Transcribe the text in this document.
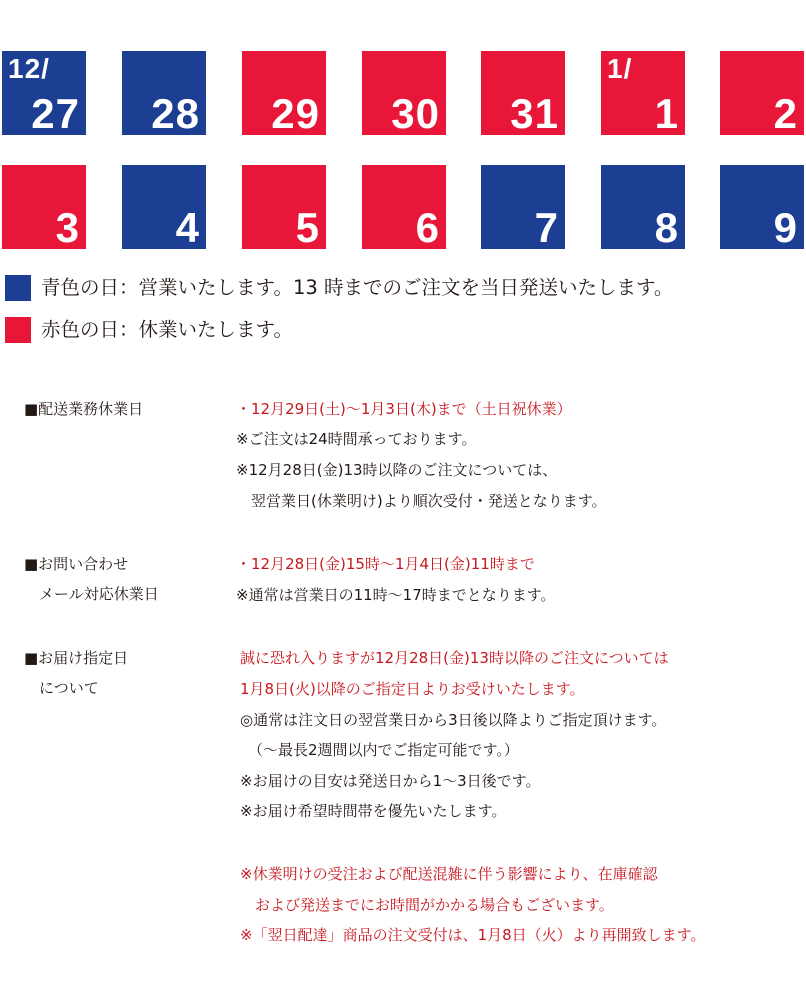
12/
27 28 29 30 31
1/
1 2
3 4 5 6 7 8 9
青色の日：営業いたします。13 時までのご注文を当日発送いたします。
赤色の日：休業いたします。
■配送業務休業日	・12月29日(土)～1月3日(木)まで（土日祝休業）
※ご注文は24時間承っております。
※12月28日(金)13時以降のご注文については、
　翌営業日(休業明け)より順次受付・発送となります。
■お問い合わせ
　メール対応休業日
・12月28日(金)15時～1月4日(金)11時まで
※通常は営業日の11時～17時までとなります。
■お届け指定日
　について
誠に恐れ入りますが12月28日(金)13時以降のご注文については
1月8日(火)以降のご指定日よりお受けいたします。
◎通常は注文日の翌営業日から3日後以降よりご指定頂けます。
（～最長2週間以内でご指定可能です。）
※お届けの目安は発送日から1～3日後です。
※お届け希望時間帯を優先いたします。
※休業明けの受注および配送混雑に伴う影響により、在庫確認
　および発送までにお時間がかかる場合もございます。
※「翌日配達」商品の注文受付は、1月8日（火）より再開致します。
